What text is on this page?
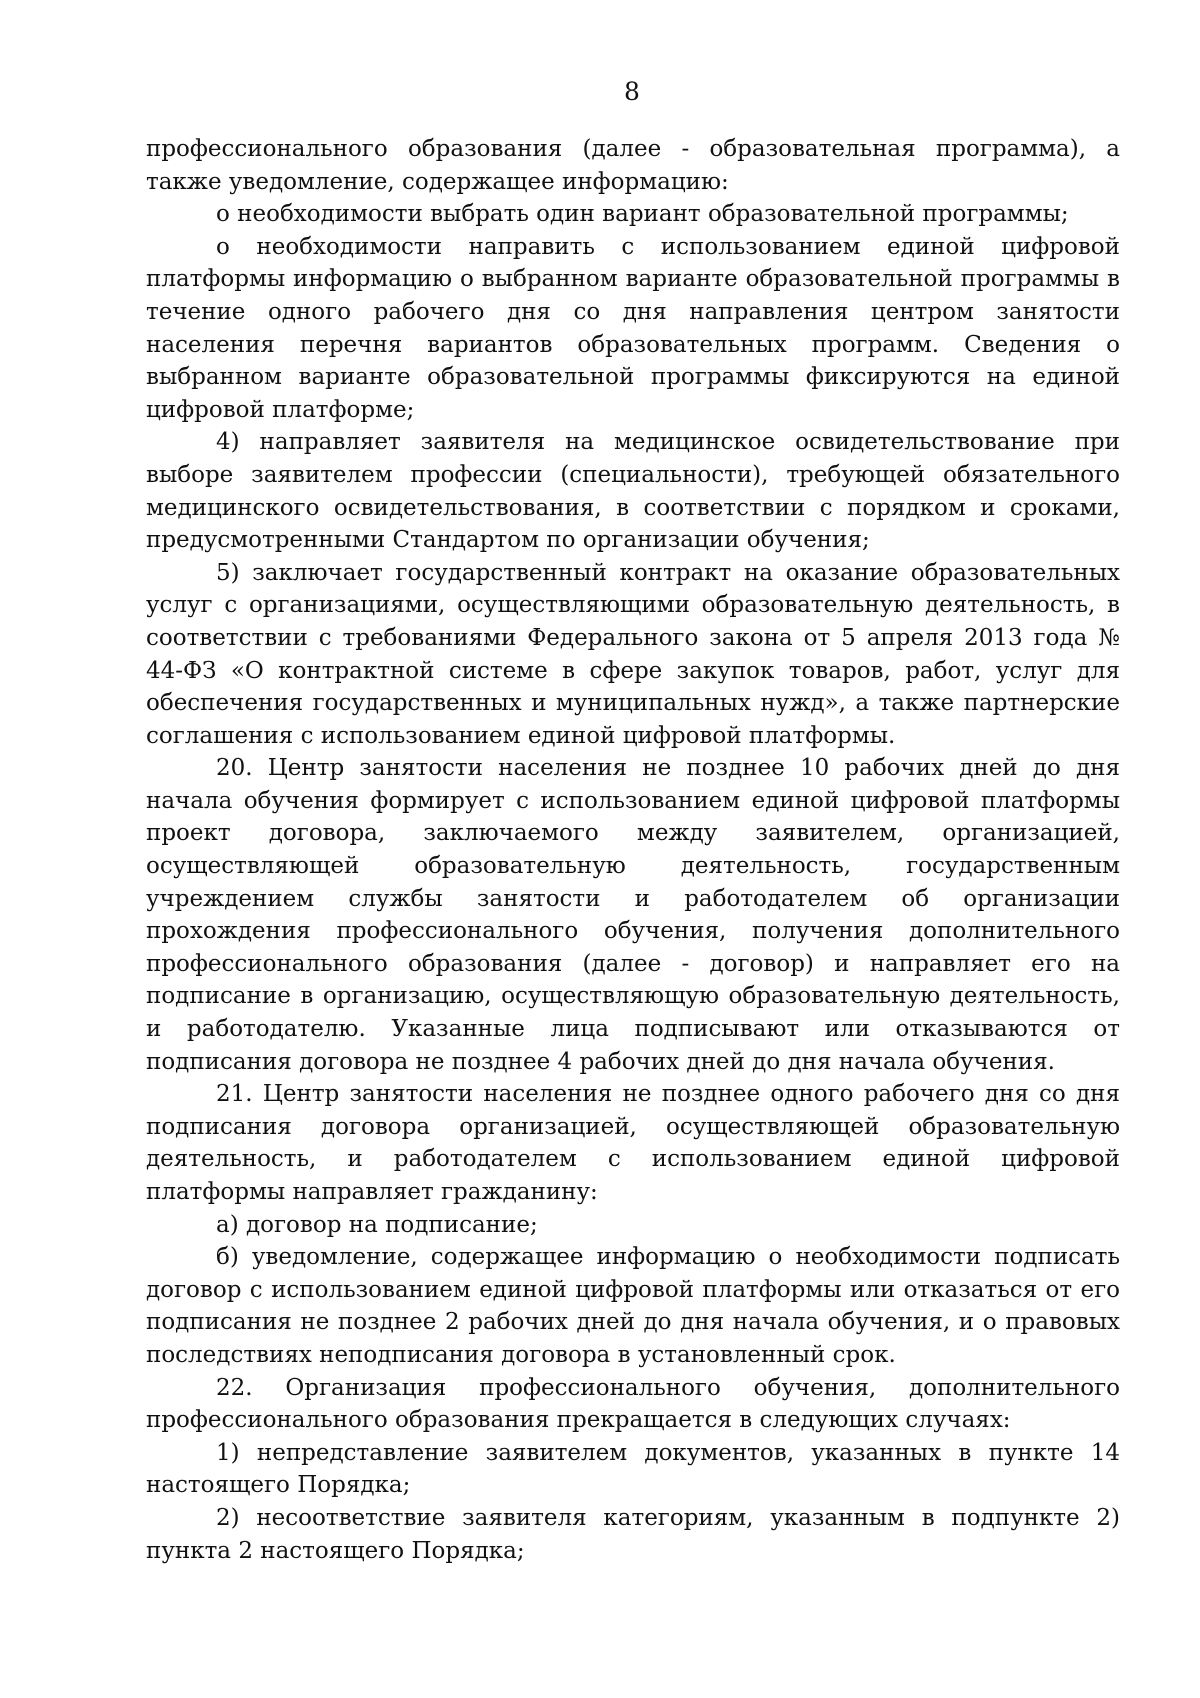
8

профессионального образования (далее - образовательная программа), а также уведомление, содержащее информацию:

о необходимости выбрать один вариант образовательной программы;

о необходимости направить с использованием единой цифровой платформы информацию о выбранном варианте образовательной программы в течение одного рабочего дня со дня направления центром занятости населения перечня вариантов образовательных программ. Сведения о выбранном варианте образовательной программы фиксируются на единой цифровой платформе;

4) направляет заявителя на медицинское освидетельствование при выборе заявителем профессии (специальности), требующей обязательного медицинского освидетельствования, в соответствии с порядком и сроками, предусмотренными Стандартом по организации обучения;

5) заключает государственный контракт на оказание образовательных услуг с организациями, осуществляющими образовательную деятельность, в соответствии с требованиями Федерального закона от 5 апреля 2013 года № 44-ФЗ «О контрактной системе в сфере закупок товаров, работ, услуг для обеспечения государственных и муниципальных нужд», а также партнерские соглашения с использованием единой цифровой платформы.

20. Центр занятости населения не позднее 10 рабочих дней до дня начала обучения формирует с использованием единой цифровой платформы проект договора, заключаемого между заявителем, организацией, осуществляющей образовательную деятельность, государственным учреждением службы занятости и работодателем об организации прохождения профессионального обучения, получения дополнительного профессионального образования (далее - договор) и направляет его на подписание в организацию, осуществляющую образовательную деятельность, и работодателю. Указанные лица подписывают или отказываются от подписания договора не позднее 4 рабочих дней до дня начала обучения.

21. Центр занятости населения не позднее одного рабочего дня со дня подписания договора организацией, осуществляющей образовательную деятельность, и работодателем с использованием единой цифровой платформы направляет гражданину:

а) договор на подписание;

б) уведомление, содержащее информацию о необходимости подписать договор с использованием единой цифровой платформы или отказаться от его подписания не позднее 2 рабочих дней до дня начала обучения, и о правовых последствиях неподписания договора в установленный срок.

22. Организация профессионального обучения, дополнительного профессионального образования прекращается в следующих случаях:

1) непредставление заявителем документов, указанных в пункте 14 настоящего Порядка;

2) несоответствие заявителя категориям, указанным в подпункте 2) пункта 2 настоящего Порядка;
